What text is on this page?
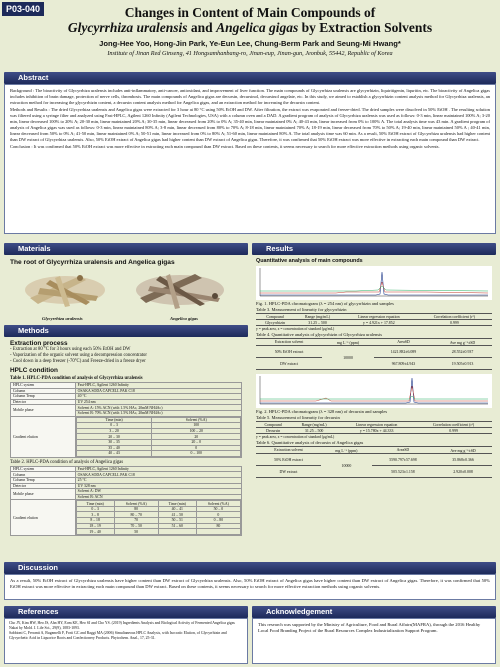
P03-040	Changes in Content of Main Compounds of
Glycyrrhiza uralensis and Angelica gigas by Extraction Solvents
Jong-Hee Yoo, Hong-Jin Park, Ye-Eun Lee, Chung-Berm Park and Seung-Mi Hwang*
Institute of Jinan Red Ginseng, 41 Hongsamhanbang-ro, Jinan-eup, Jinan-gun, Jeonbuk, 55442, Republic of Korea
Abstract

Background : The bioactivity of Glycyrrhiza uralensis includes anti-inflammatory, anti-cancer, antioxidant, and improvement of liver function. The main compounds of Glycyrrhiza uralensis are glycyrrhizin, liquiritigenin, liquritin, etc. The bioactivity of Angelica gigas includes inhibition of brain damage, protection of nerve cells, thrombosis. The main compounds of Angelica gigas are decursin, decursinol, decursinol angelate, etc. In this study, we aimed to establish a glycyrrhizin content analysis method for Glycyrrhiza uralensis, an extraction method for increasing the glycyrrhizin content, a decursin content analysis method for Angelica gigas, and an extraction method for increasing the decursin content.

Methods and Results : The dried Glycyrrhiza uralensis and Angelica gigas were extracted for 3 hour at 80 °C using 50% EtOH and DW. After filtration, the extract was evaporated and freeze-dried. The dried samples were dissolved in 50% EtOH . The resulting solution was filtered using a syringe filter and analyzed using Fast-HPLC, Agilent 1260 Infinity (Agilent Technologies, USA) with a column oven and a DAD. A gradient program of analysis of Glycyrrhiza uralensis was used as follows: 0-3 min, linear maintained 100% A; 3-20 min, linear decreased 100% to 20% A; 20-30 min, linear maintained 20% A; 30-35 min, linear decreased from 20% to 0% A; 35-40 min, linear maintained 0% A; 40-43 min, linear increased from 0% to 100% A. The total analysis time was 43 min. A gradient program of analysis of Angelica gigas was used as follows: 0-3 min, linear maintained 80% A; 3-8 min, linear decreased from 80% to 70% A; 8-18 min, linear maintained 70% A; 18-19 min, linear decreased from 70% to 50% A; 19-40 min, linear maintained 50% A ; 40-41 min, linear decreased from 50% to 0% A; 41-50 min, linear maintained 0% A; 50-51 min, linear increased from 0% to 80% A; 51-60 min, linear maintained 80% A. The total analysis time was 60 min. As a result, 50% EtOH extract of Glycyrrhiza uralensis had higher content than DW extract of Glycyrrhiza uralensis. Also, 50% EtOH extract of Angelica gigas had higher content than DW extract of Angelica gigas. Therefore, it was confirmed that 50% EtOH extract was more effective in extracting each main compound than DW extract.

Conclusion : It was confirmed that 50% EtOH extract was more effective in extracting each main compound than DW extract. Based on these contents, it seems necessary to search for more effective extraction methods using organic solvents.

Materials
The root of Glycyrrhiza uralensis and Angelica gigas
Glycyrrhiza uralensis	Angelica gigas
Methods
Extraction process
- Extraction at 80 °C for 3 hours using each 50% EtOH and DW
- Vaporization of the organic solvent using a decompression concentrator
- Cool down in a deep freezer (-70°C) and Freeze-dried in a freeze dryer
HPLC condition
Table 1. HPLC-PDA condition of analysis of Glycyrrhiza uralensis
HPLC system	Fast-HPLC, Agilent 1260 Infinity
Column	OSAKA SODA CAPCELL PAK C18
Column Temp	40 °C
Detector	UV 254 nm
Mobile phase	Solvent A: 15% ACN (with 1.5% HAc, 20mM NH4Ac)
Solvent B: 70% ACN (with 1.5% HAc, 20mM NH4Ac)
Gradient elution	
Time (min)	Solvent (%A)
0 – 3	100
3 – 20	100 – 20
20 – 30	20
30 – 35	20 – 0
35 – 40	0
40 – 43	0 – 100
Table 2. HPLC-PDA condition of analysis of Angelica gigas
HPLC system	Fast-HPLC, Agilent 1260 Infinity
Column	OSAKA SODA CAPCELL PAK C18
Column Temp	25 °C
Detector	UV 328 nm
Mobile phase	Solvent A: DW
Solvent B: ACN
Gradient elution	
Time (min)	Solvent (%A)	Time (min)	Solvent (%A)
0 – 3	80	40 – 41	50 – 0
3 – 8	80 – 70	41 – 50	0
8 – 18	70	50 – 51	0 – 80
18 – 19	70 – 50	51 – 60	80
19 – 40	50		
Results
Quantitative analysis of main compounds
Fig. 1. HPLC-PDA chromatogram (λ = 254 nm) of glycyrrhizin and samples
Table 3. Measurement of linearity for glycyrrhizin
Compound	Range (mg/mL)	Linear regression equation	Correlation coefficient (r²)
Glycyrrhizin	31.25 – 500	y = 4.921x + 17.852	0.999
y = peak area, x = concentration of standard (μg/mL)
Table 4. Quantitative analysis of glycyrrhizin of Glycyrrhiza uralensis
Extraction solvent	mg L⁻¹ (ppm)	AreaSD	Ave mg g⁻¹±SD
50% EtOH extract	10000	1421.882±6.089	28.552±0.937
DW extract		967.809±4.943	19.505±0.913
Fig. 2. HPLC-PDA chromatogram (λ = 328 nm) of decursin and samples
Table 5. Measurement of linearity for decursin
Compound	Range (mg/mL)	Linear regression equation	Correlation coefficient (r²)
Decursin	31.25 – 500	y = 15.780x + 44.333	0.999
y = peak area, x = concentration of standard (μg/mL)
Table 6. Quantitative analysis of decursin of Angelica gigas
Extraction solvent	mg L⁻¹ (ppm)	AreaSD	Ave mg g⁻¹±SD
50% EtOH extract	10000	5590.797±57.698	35.868±0.366
DW extract		505.523±1.158	2.920±0.008
Discussion
As a result, 50% EtOH extract of Glycyrrhiza uralensis have higher content than DW extract of Glycyrrhiza uralensis. Also, 50% EtOH extract of Angelica gigas have higher content than DW extract of Angelica gigas. Therefore, it was confirmed that 50% EtOH extract was more effective in extracting each main compound than DW extract. Based on these contents, it seems necessary to search for more effective extraction methods using organic solvents.
References
Cho JY, Kim HW, Heo JS, Ahn HY, Eom KE, Heo SJ and Cho YS. (2019) Ingredients Analysis and Biological Activity of Fermented Angelica gigas Nakai by Mold. J. Life Sci., 29(9), 1083-1093.
Sabbioni C, Ferranti A, Bugamelli F, Forti GC and Raggi MA (2006) Simultaneous HPLC Analysis, with Isocratic Elution, of Glycyrrhizin and Glycyrrhetic Acid in Liquorice Roots and Confectionery Products. Phytochem. Anal., 17, 25-31.
Acknowledgement
This research was supported by the Ministry of Agriculture, Food and Rural Affairs(MAFRA), through the 2016 Healthy Local Food Branding Project of the Rural Resources Complex Industrialization Support Program.
